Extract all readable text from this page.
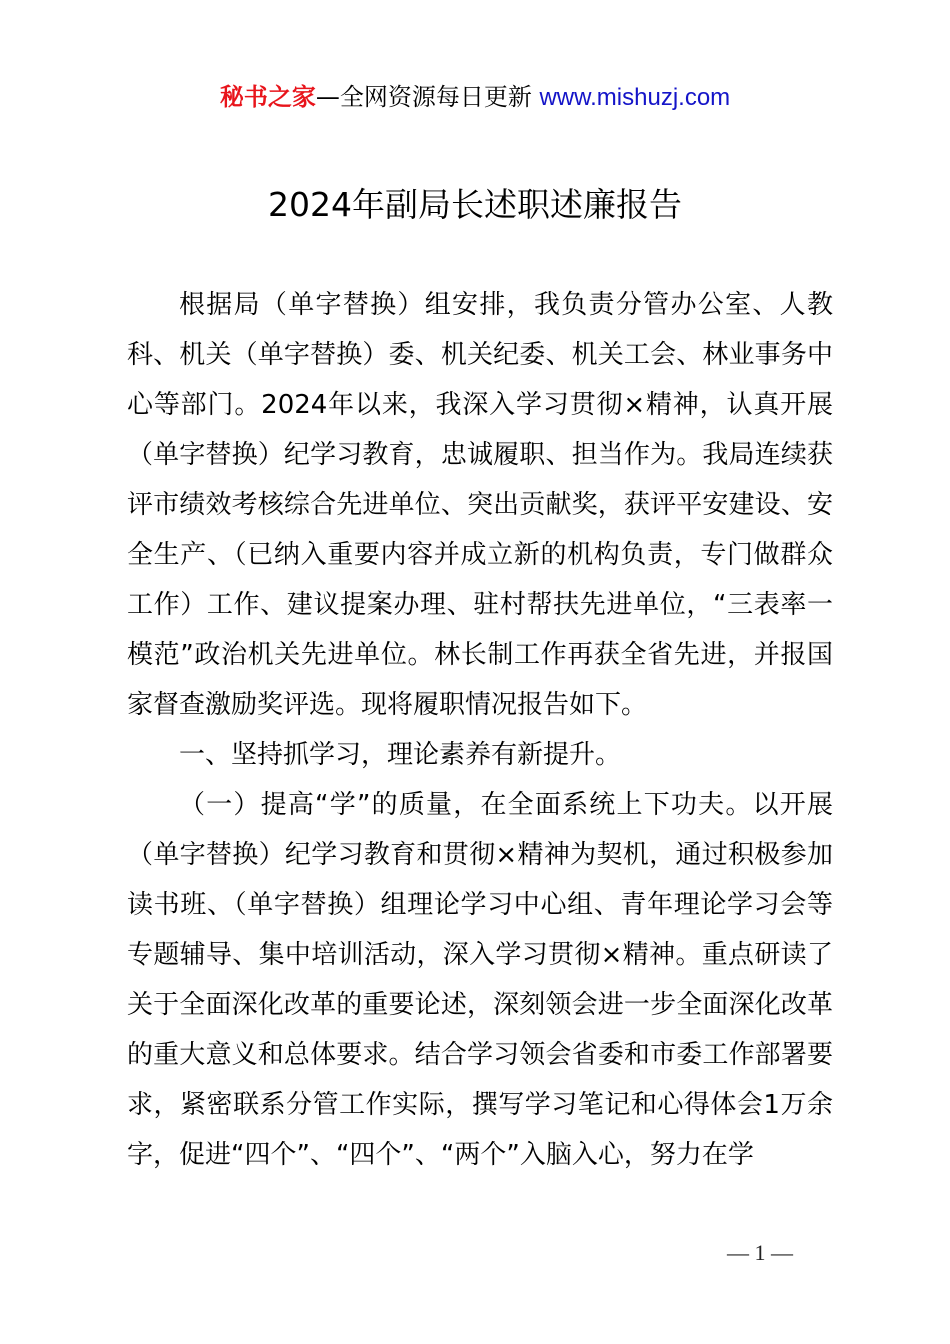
秘书之家—全网资源每日更新 www.mishuzj.com
2024年副局长述职述廉报告

根据局（单字替换）组安排，我负责分管办公室、人教科、机关（单字替换）委、机关纪委、机关工会、林业事务中心等部门。2024年以来，我深入学习贯彻×精神，认真开展（单字替换）纪学习教育，忠诚履职、担当作为。我局连续获评市绩效考核综合先进单位、突出贡献奖，获评平安建设、安全生产、（已纳入重要内容并成立新的机构负责，专门做群众工作）工作、建议提案办理、驻村帮扶先进单位，“三表率一模范”政治机关先进单位。林长制工作再获全省先进，并报国家督查激励奖评选。现将履职情况报告如下。

一、坚持抓学习，理论素养有新提升。

（一）提高“学”的质量，在全面系统上下功夫。以开展（单字替换）纪学习教育和贯彻×精神为契机，通过积极参加读书班、（单字替换）组理论学习中心组、青年理论学习会等专题辅导、集中培训活动，深入学习贯彻×精神。重点研读了关于全面深化改革的重要论述，深刻领会进一步全面深化改革的重大意义和总体要求。结合学习领会省委和市委工作部署要求，紧密联系分管工作实际，撰写学习笔记和心得体会1万余字，促进“四个”、“四个”、“两个”入脑入心，努力在学

— 1 —
